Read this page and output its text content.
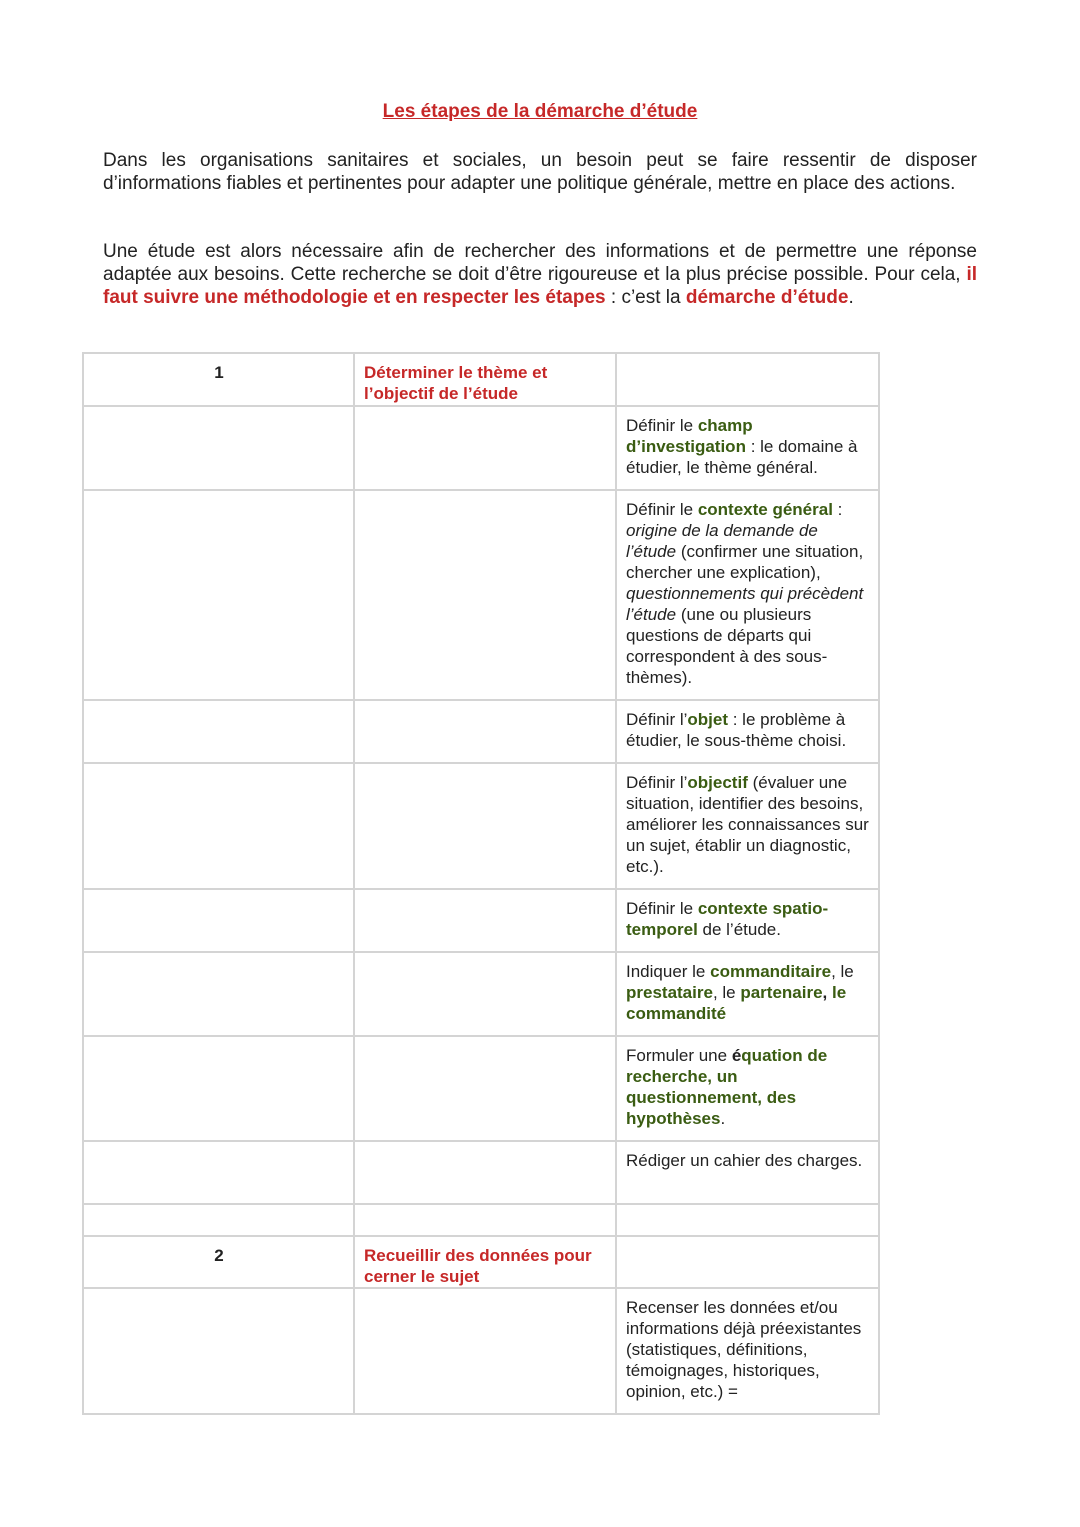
Les étapes de la démarche d’étude
Dans les organisations sanitaires et sociales, un besoin peut se faire ressentir de disposer d’informations fiables et pertinentes pour adapter une politique générale, mettre en place des actions.
Une étude est alors nécessaire afin de rechercher des informations et de permettre une réponse adaptée aux besoins. Cette recherche se doit d’être rigoureuse et la plus précise possible. Pour cela, il faut suivre une méthodologie et en respecter les étapes : c’est la démarche d’étude.
1	Déterminer le thème et l’objectif de l’étude	
		Définir le champ d’investigation : le domaine à étudier, le thème général.
		Définir le contexte général : origine de la demande de l’étude (confirmer une situation, chercher une explication), questionnements qui précèdent l’étude (une ou plusieurs questions de départs qui correspondent à des sous-thèmes).
		Définir l’objet : le problème à étudier, le sous-thème choisi.
		Définir l’objectif (évaluer une situation, identifier des besoins, améliorer les connaissances sur un sujet, établir un diagnostic, etc.).
		Définir le contexte spatio-temporel de l’étude.
		Indiquer le commanditaire, le prestataire, le partenaire, le commandité
		Formuler une équation de recherche, un questionnement, des hypothèses.
		Rédiger un cahier des charges.

2	Recueillir des données pour cerner le sujet	
		Recenser les données et/ou informations déjà préexistantes (statistiques, définitions, témoignages, historiques, opinion, etc.) =
